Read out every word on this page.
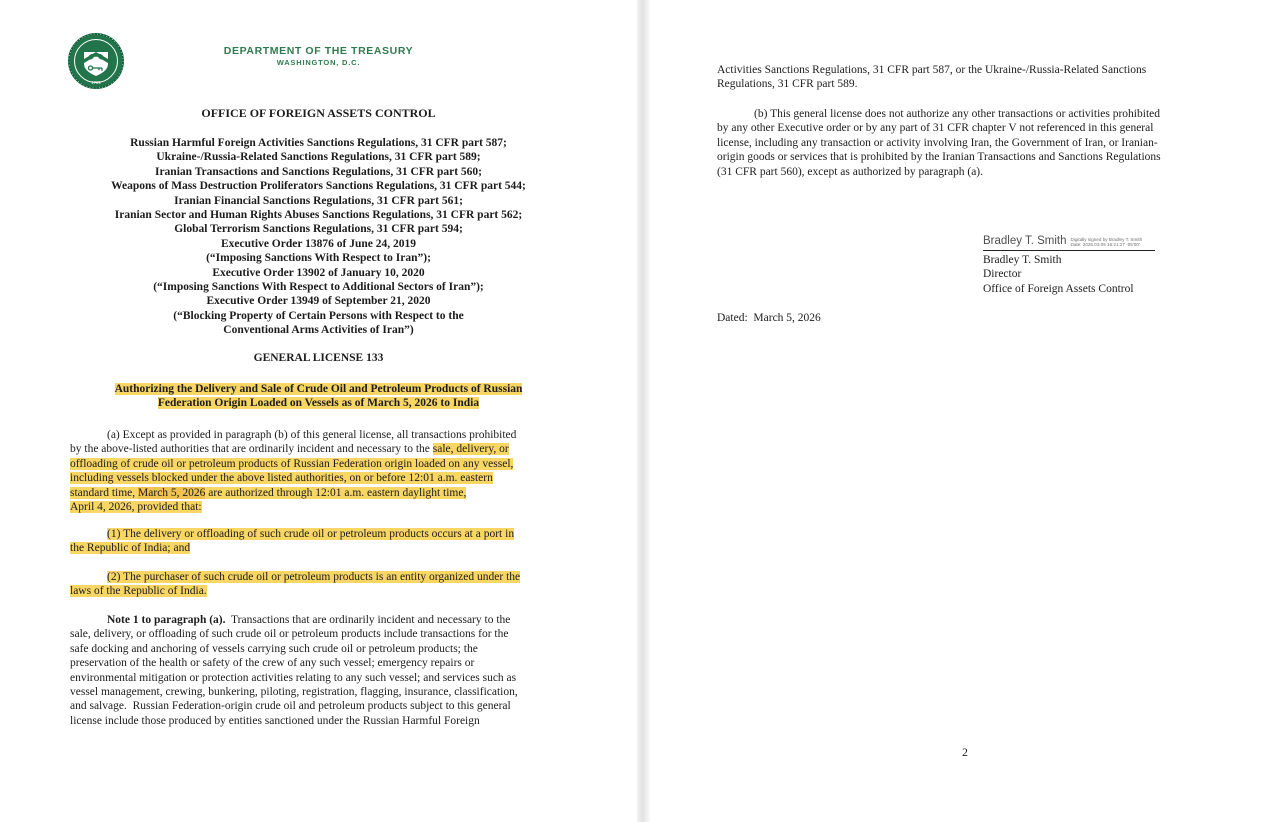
1789
DEPARTMENT OF THE TREASURY
WASHINGTON, D.C.
OFFICE OF FOREIGN ASSETS CONTROL
Russian Harmful Foreign Activities Sanctions Regulations, 31 CFR part 587;
Ukraine-/Russia-Related Sanctions Regulations, 31 CFR part 589;
Iranian Transactions and Sanctions Regulations, 31 CFR part 560;
Weapons of Mass Destruction Proliferators Sanctions Regulations, 31 CFR part 544;
Iranian Financial Sanctions Regulations, 31 CFR part 561;
Iranian Sector and Human Rights Abuses Sanctions Regulations, 31 CFR part 562;
Global Terrorism Sanctions Regulations, 31 CFR part 594;
Executive Order 13876 of June 24, 2019
(“Imposing Sanctions With Respect to Iran”);
Executive Order 13902 of January 10, 2020
(“Imposing Sanctions With Respect to Additional Sectors of Iran”);
Executive Order 13949 of September 21, 2020
(“Blocking Property of Certain Persons with Respect to the
Conventional Arms Activities of Iran”)
GENERAL LICENSE 133
Authorizing the Delivery and Sale of Crude Oil and Petroleum Products of Russian
Federation Origin Loaded on Vessels as of March 5, 2026 to India
(a) Except as provided in paragraph (b) of this general license, all transactions prohibited
by the above-listed authorities that are ordinarily incident and necessary to the sale, delivery, or
offloading of crude oil or petroleum products of Russian Federation origin loaded on any vessel,
including vessels blocked under the above listed authorities, on or before 12:01 a.m. eastern
standard time, March 5, 2026 are authorized through 12:01 a.m. eastern daylight time,
April 4, 2026, provided that:
(1) The delivery or offloading of such crude oil or petroleum products occurs at a port in
the Republic of India; and
(2) The purchaser of such crude oil or petroleum products is an entity organized under the
laws of the Republic of India.
Note 1 to paragraph (a).  Transactions that are ordinarily incident and necessary to the
sale, delivery, or offloading of such crude oil or petroleum products include transactions for the
safe docking and anchoring of vessels carrying such crude oil or petroleum products; the
preservation of the health or safety of the crew of any such vessel; emergency repairs or
environmental mitigation or protection activities relating to any such vessel; and services such as
vessel management, crewing, bunkering, piloting, registration, flagging, insurance, classification,
and salvage.  Russian Federation-origin crude oil and petroleum products subject to this general
license include those produced by entities sanctioned under the Russian Harmful Foreign
Activities Sanctions Regulations, 31 CFR part 587, or the Ukraine-/Russia-Related Sanctions
Regulations, 31 CFR part 589.
(b) This general license does not authorize any other transactions or activities prohibited
by any other Executive order or by any part of 31 CFR chapter V not referenced in this general
license, including any transaction or activity involving Iran, the Government of Iran, or Iranian-
origin goods or services that is prohibited by the Iranian Transactions and Sanctions Regulations
(31 CFR part 560), except as authorized by paragraph (a).
Bradley T. Smith Digitally signed by Bradley T. Smith
Date: 2026.03.05 16:21:27 -05'00'
Bradley T. Smith
Director
Office of Foreign Assets Control
Dated:  March 5, 2026
2
